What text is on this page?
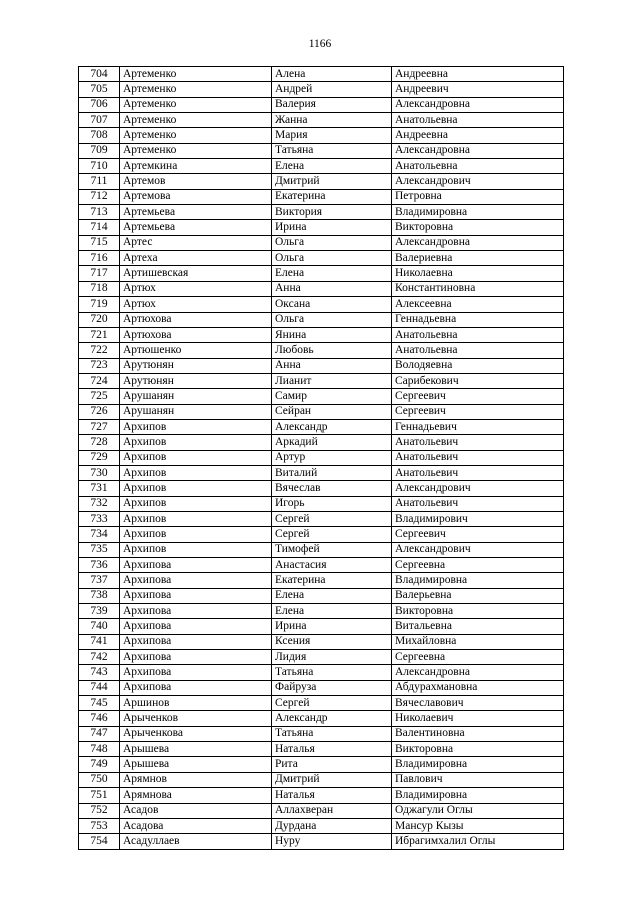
1166
704	Артеменко	Алена	Андреевна
705	Артеменко	Андрей	Андреевич
706	Артеменко	Валерия	Александровна
707	Артеменко	Жанна	Анатольевна
708	Артеменко	Мария	Андреевна
709	Артеменко	Татьяна	Александровна
710	Артемкина	Елена	Анатольевна
711	Артемов	Дмитрий	Александрович
712	Артемова	Екатерина	Петровна
713	Артемьева	Виктория	Владимировна
714	Артемьева	Ирина	Викторовна
715	Артес	Ольга	Александровна
716	Артеха	Ольга	Валериевна
717	Артишевская	Елена	Николаевна
718	Артюх	Анна	Константиновна
719	Артюх	Оксана	Алексеевна
720	Артюхова	Ольга	Геннадьевна
721	Артюхова	Янина	Анатольевна
722	Артюшенко	Любовь	Анатольевна
723	Арутюнян	Анна	Володяевна
724	Арутюнян	Лианит	Сарибекович
725	Арушанян	Самир	Сергеевич
726	Арушанян	Сейран	Сергеевич
727	Архипов	Александр	Геннадьевич
728	Архипов	Аркадий	Анатольевич
729	Архипов	Артур	Анатольевич
730	Архипов	Виталий	Анатольевич
731	Архипов	Вячеслав	Александрович
732	Архипов	Игорь	Анатольевич
733	Архипов	Сергей	Владимирович
734	Архипов	Сергей	Сергеевич
735	Архипов	Тимофей	Александрович
736	Архипова	Анастасия	Сергеевна
737	Архипова	Екатерина	Владимировна
738	Архипова	Елена	Валерьевна
739	Архипова	Елена	Викторовна
740	Архипова	Ирина	Витальевна
741	Архипова	Ксения	Михайловна
742	Архипова	Лидия	Сергеевна
743	Архипова	Татьяна	Александровна
744	Архипова	Файруза	Абдурахмановна
745	Аршинов	Сергей	Вячеславович
746	Арыченков	Александр	Николаевич
747	Арыченкова	Татьяна	Валентиновна
748	Арышева	Наталья	Викторовна
749	Арышева	Рита	Владимировна
750	Арямнов	Дмитрий	Павлович
751	Арямнова	Наталья	Владимировна
752	Асадов	Аллахверан	Оджагули Оглы
753	Асадова	Дурдана	Мансур Кызы
754	Асадуллаев	Нуру	Ибрагимхалил Оглы
